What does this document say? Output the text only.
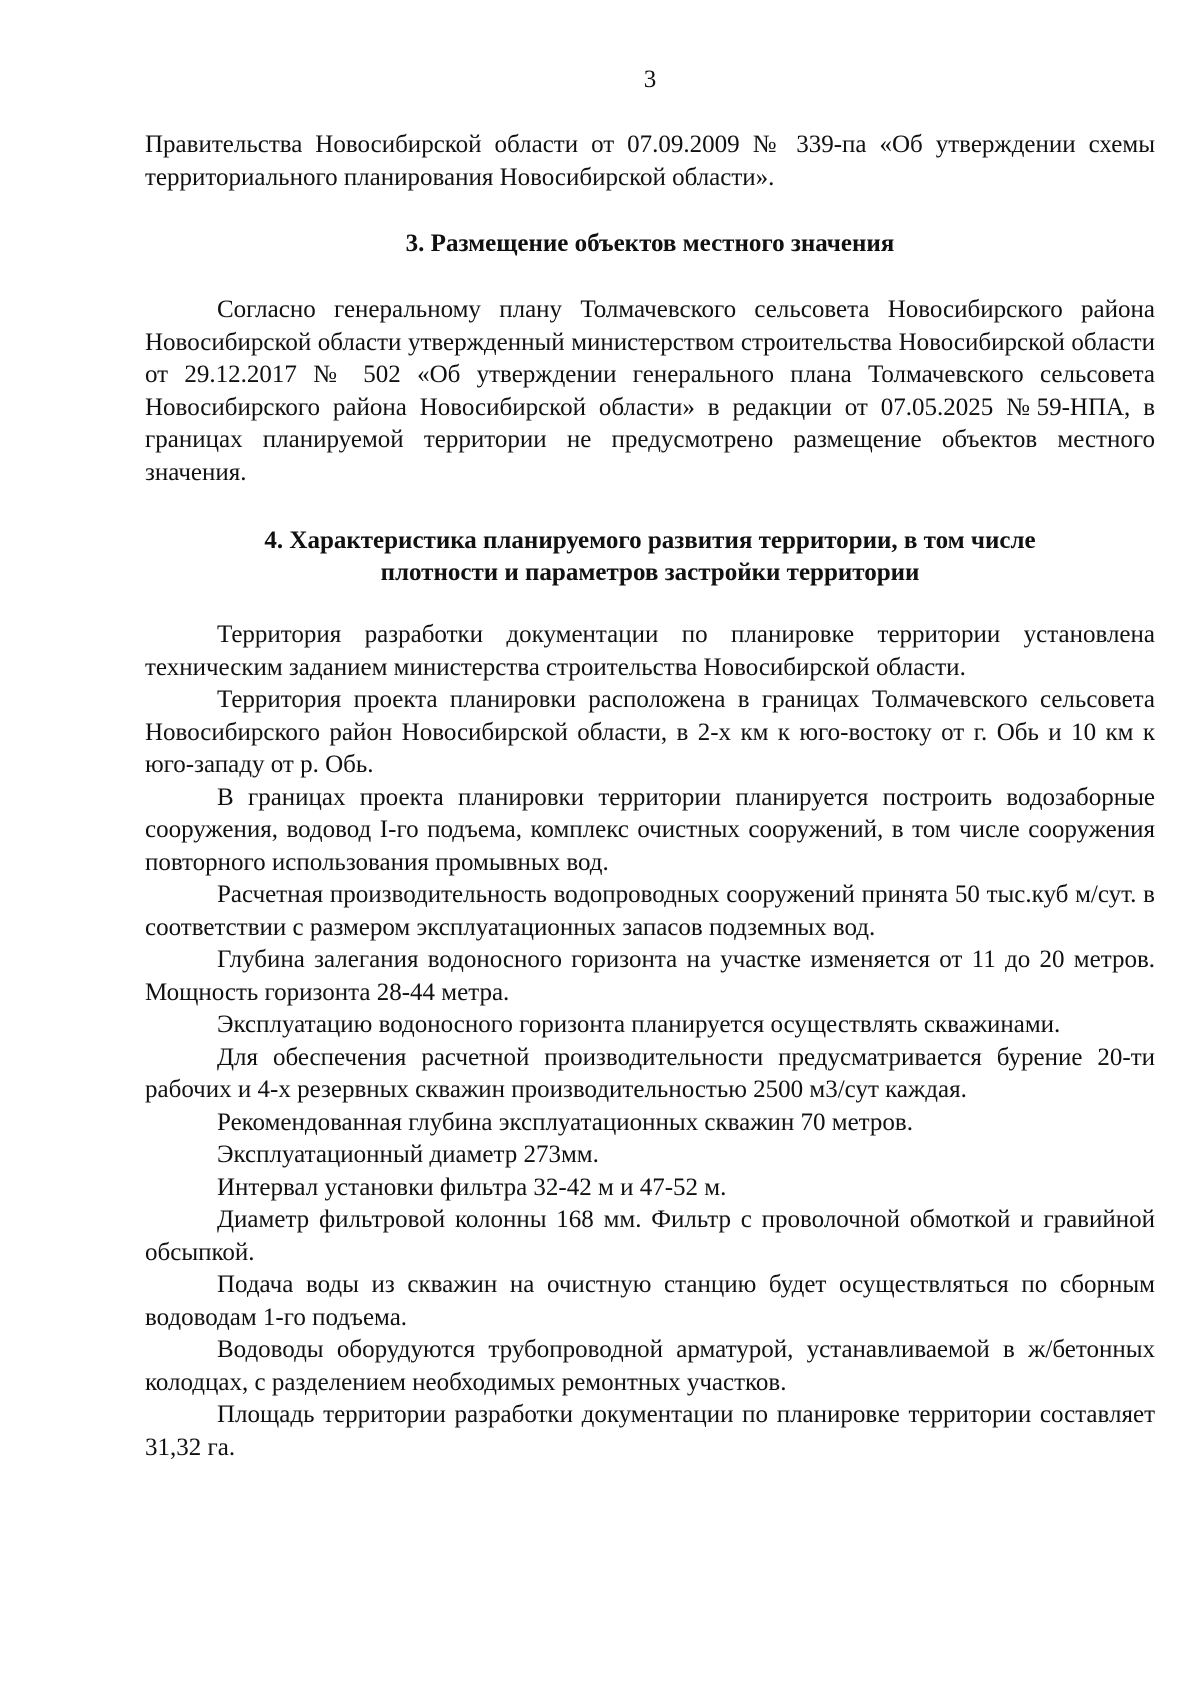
3

Правительства Новосибирской области от 07.09.2009 № 339-па «Об утверждении схемы территориального планирования Новосибирской области».

3. Размещение объектов местного значения

Согласно генеральному плану Толмачевского сельсовета Новосибирского района Новосибирской области утвержденный министерством строительства Новосибирской области от 29.12.2017 № 502 «Об утверждении генерального плана Толмачевского сельсовета Новосибирского района Новосибирской области» в редакции от 07.05.2025 №59-НПА, в границах планируемой территории не предусмотрено размещение объектов местного значения.

4. Характеристика планируемого развития территории, в том числе
плотности и параметров застройки территории

Территория разработки документации по планировке территории установлена техническим заданием министерства строительства Новосибирской области.

Территория проекта планировки расположена в границах Толмачевского сельсовета Новосибирского район Новосибирской области, в 2-х км к юго-востоку от г. Обь и 10 км к юго-западу от р. Обь.

В границах проекта планировки территории планируется построить водозаборные сооружения, водовод I-го подъема, комплекс очистных сооружений, в том числе сооружения повторного использования промывных вод.

Расчетная производительность водопроводных сооружений принята 50 тыс.куб м/сут. в соответствии с размером эксплуатационных запасов подземных вод.

Глубина залегания водоносного горизонта на участке изменяется от 11 до 20 метров. Мощность горизонта 28-44 метра.

Эксплуатацию водоносного горизонта планируется осуществлять скважинами.

Для обеспечения расчетной производительности предусматривается бурение 20-ти рабочих и 4-х резервных скважин производительностью 2500 м3/сут каждая.

Рекомендованная глубина эксплуатационных скважин 70 метров.

Эксплуатационный диаметр 273мм.

Интервал установки фильтра 32-42 м и 47-52 м.

Диаметр фильтровой колонны 168 мм. Фильтр с проволочной обмоткой и гравийной обсыпкой.

Подача воды из скважин на очистную станцию будет осуществляться по сборным водоводам 1-го подъема.

Водоводы оборудуются трубопроводной арматурой, устанавливаемой в ж/бетонных колодцах, с разделением необходимых ремонтных участков.

Площадь территории разработки документации по планировке территории составляет 31,32 га.
